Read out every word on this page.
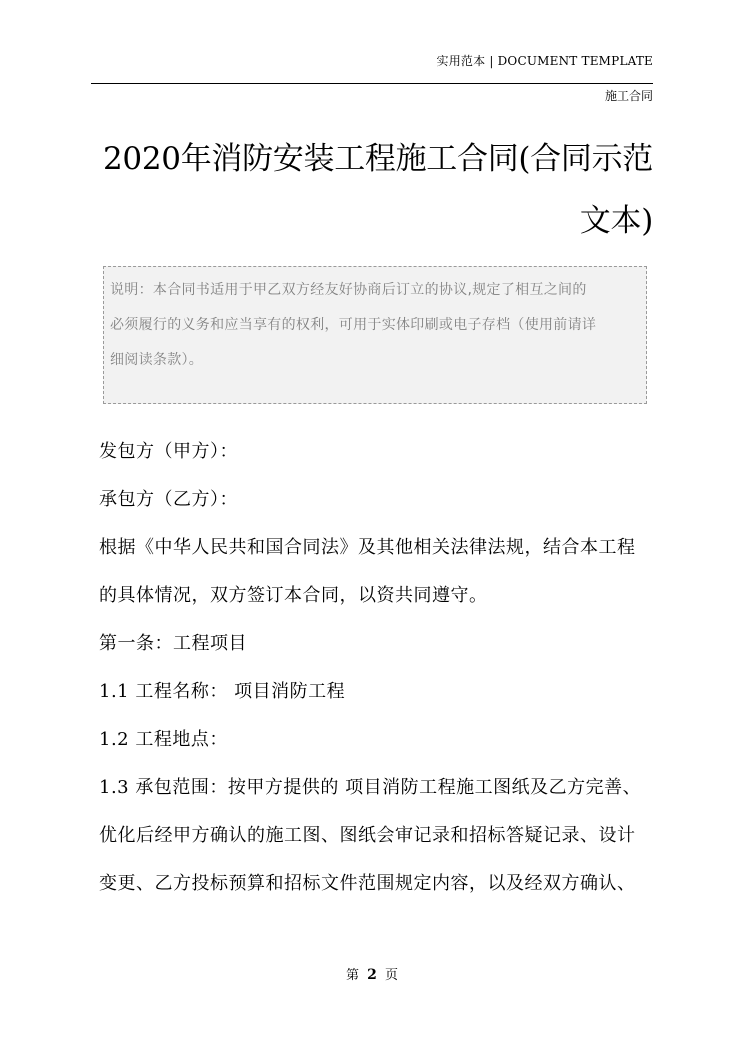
实用范本 | DOCUMENT TEMPLATE
施工合同
2020年消防安装工程施工合同(合同示范
文本)
说明：本合同书适用于甲乙双方经友好协商后订立的协议,规定了相互之间的
必须履行的义务和应当享有的权利，可用于实体印刷或电子存档（使用前请详
细阅读条款）。

发包方（甲方）：

承包方（乙方）：

根据《中华人民共和国合同法》及其他相关法律法规，结合本工程

的具体情况，双方签订本合同，以资共同遵守。

第一条：工程项目

1.1 工程名称： 项目消防工程

1.2 工程地点：

1.3 承包范围：按甲方提供的 项目消防工程施工图纸及乙方完善、

优化后经甲方确认的施工图、图纸会审记录和招标答疑记录、设计

变更、乙方投标预算和招标文件范围规定内容，以及经双方确认、

第 2 页
